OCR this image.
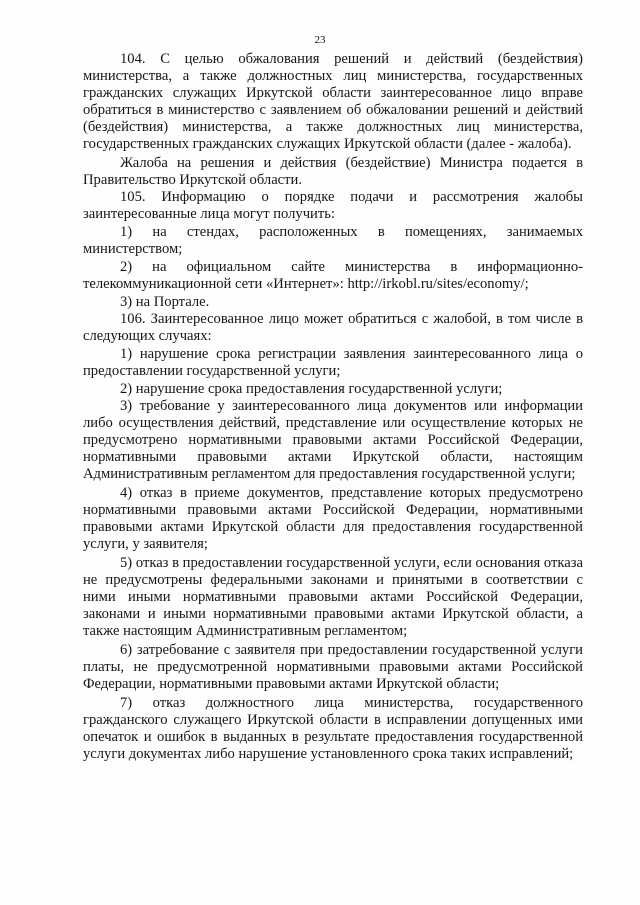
23

104. С целью обжалования решений и действий (бездействия) министерства, а также должностных лиц министерства, государственных гражданских служащих Иркутской области заинтересованное лицо вправе обратиться в министерство с заявлением об обжаловании решений и действий (бездействия) министерства, а также должностных лиц министерства, государственных гражданских служащих Иркутской области (далее - жалоба).

Жалоба на решения и действия (бездействие) Министра подается в Правительство Иркутской области.

105. Информацию о порядке подачи и рассмотрения жалобы заинтересованные лица могут получить:

1) на стендах, расположенных в помещениях, занимаемых министерством;

2) на официальном сайте министерства в информационно-телекоммуникационной сети «Интернет»: http://irkobl.ru/sites/economy/;

3) на Портале.

106. Заинтересованное лицо может обратиться с жалобой, в том числе в следующих случаях:

1) нарушение срока регистрации заявления заинтересованного лица о предоставлении государственной услуги;

2) нарушение срока предоставления государственной услуги;

3) требование у заинтересованного лица документов или информации либо осуществления действий, представление или осуществление которых не предусмотрено нормативными правовыми актами Российской Федерации, нормативными правовыми актами Иркутской области, настоящим Административным регламентом для предоставления государственной услуги;

4) отказ в приеме документов, представление которых предусмотрено нормативными правовыми актами Российской Федерации, нормативными правовыми актами Иркутской области для предоставления государственной услуги, у заявителя;

5) отказ в предоставлении государственной услуги, если основания отказа не предусмотрены федеральными законами и принятыми в соответствии с ними иными нормативными правовыми актами Российской Федерации, законами и иными нормативными правовыми актами Иркутской области, а также настоящим Административным регламентом;

6) затребование с заявителя при предоставлении государственной услуги платы, не предусмотренной нормативными правовыми актами Российской Федерации, нормативными правовыми актами Иркутской области;

7) отказ должностного лица министерства, государственного гражданского служащего Иркутской области в исправлении допущенных ими опечаток и ошибок в выданных в результате предоставления государственной услуги документах либо нарушение установленного срока таких исправлений;
